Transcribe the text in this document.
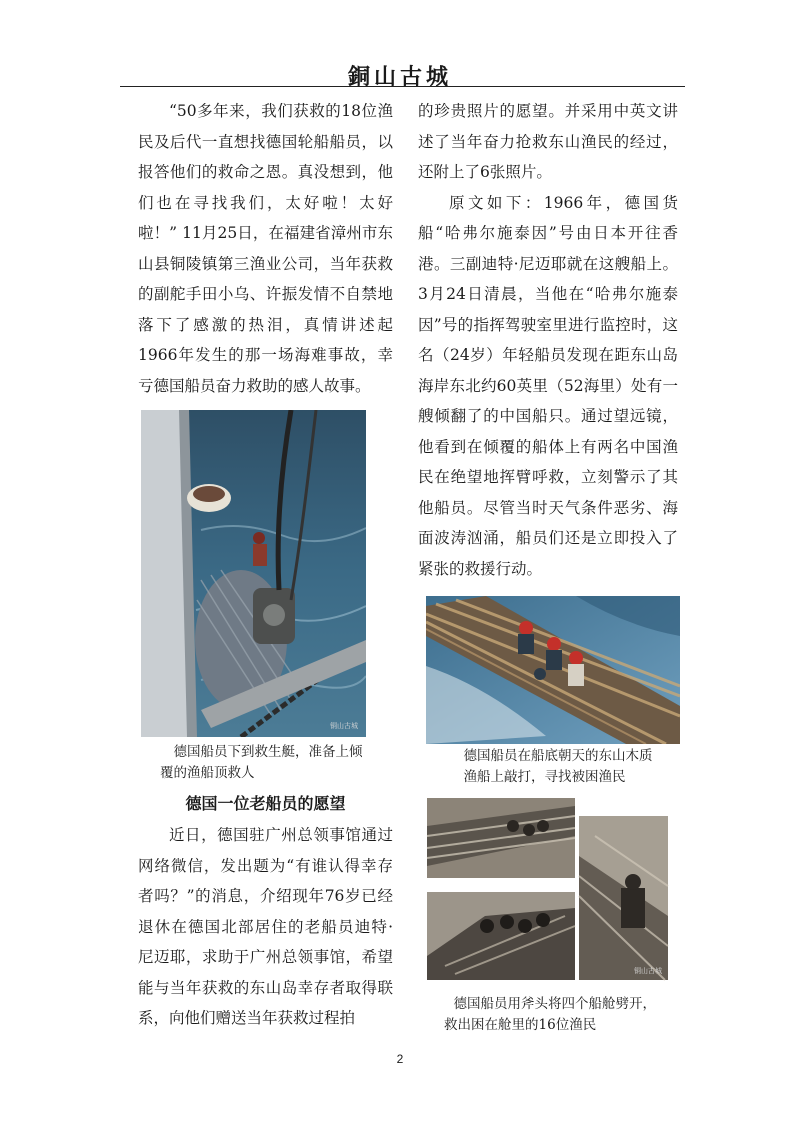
銅山古城

“50多年来，我们获救的18位渔民及后代一直想找德国轮船船员，以报答他们的救命之恩。真没想到，他们也在寻找我们，太好啦！太好啦！” 11月25日，在福建省漳州市东山县铜陵镇第三渔业公司，当年获救的副舵手田小乌、许振发情不自禁地落下了感激的热泪，真情讲述起1966年发生的那一场海难事故，幸亏德国船员奋力救助的感人故事。

铜山古城

德国船员下到救生艇，准备上倾

覆的渔船顶救人

德国一位老船员的愿望

近日，德国驻广州总领事馆通过网络微信，发出题为“有谁认得幸存者吗？”的消息，介绍现年76岁已经退休在德国北部居住的老船员迪特· 尼迈耶，求助于广州总领事馆，希望能与当年获救的东山岛幸存者取得联系，向他们赠送当年获救过程拍

的珍贵照片的愿望。并采用中英文讲述了当年奋力抢救东山渔民的经过，还附上了6张照片。

原文如下：1966年，德国货船“哈弗尔施泰因”号由日本开往香港。三副迪特·尼迈耶就在这艘船上。3月24日清晨，当他在“哈弗尔施泰因”号的指挥驾驶室里进行监控时，这名（24岁）年轻船员发现在距东山岛海岸东北约60英里（52海里）处有一艘倾翻了的中国船只。通过望远镜，他看到在倾覆的船体上有两名中国渔民在绝望地挥臂呼救，立刻警示了其他船员。尽管当时天气条件恶劣、海面波涛汹涌，船员们还是立即投入了紧张的救援行动。

德国船员在船底朝天的东山木质

渔船上敲打，寻找被困渔民

铜山古城

德国船员用斧头将四个船舱劈开，

救出困在舱里的16位渔民

2
